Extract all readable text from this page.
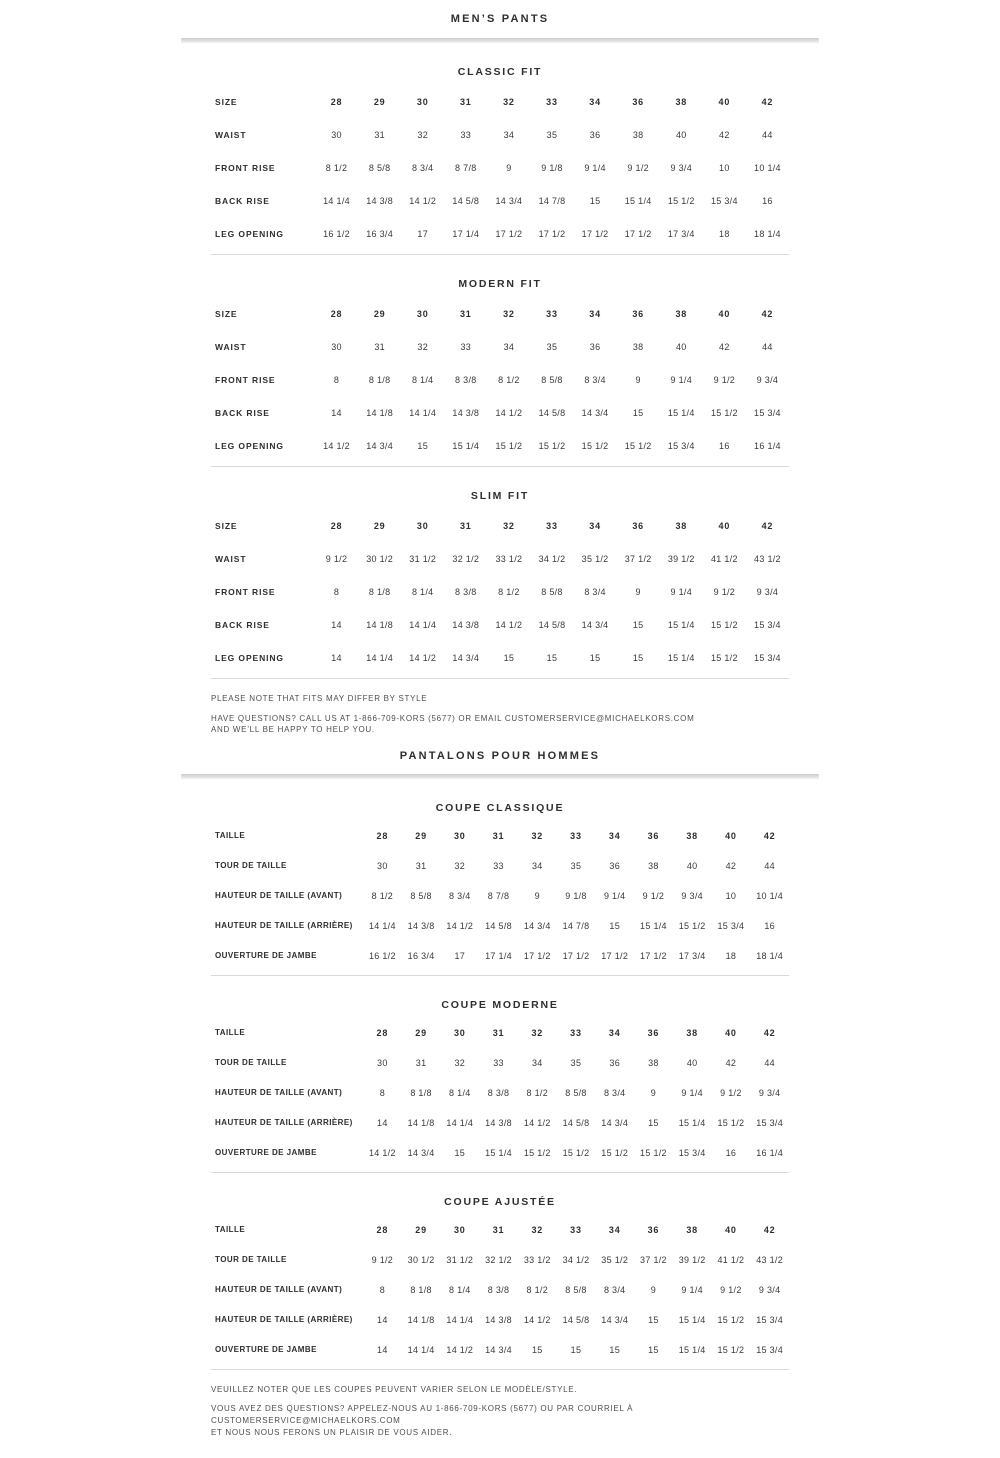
MEN’S PANTS
CLASSIC FIT
SIZE	28	29	30	31	32	33	34	36	38	40	42
WAIST	30	31	32	33	34	35	36	38	40	42	44
FRONT RISE	8 1/2	8 5/8	8 3/4	8 7/8	9	9 1/8	9 1/4	9 1/2	9 3/4	10	10 1/4
BACK RISE	14 1/4	14 3/8	14 1/2	14 5/8	14 3/4	14 7/8	15	15 1/4	15 1/2	15 3/4	16
LEG OPENING	16 1/2	16 3/4	17	17 1/4	17 1/2	17 1/2	17 1/2	17 1/2	17 3/4	18	18 1/4
MODERN FIT
SIZE	28	29	30	31	32	33	34	36	38	40	42
WAIST	30	31	32	33	34	35	36	38	40	42	44
FRONT RISE	8	8 1/8	8 1/4	8 3/8	8 1/2	8 5/8	8 3/4	9	9 1/4	9 1/2	9 3/4
BACK RISE	14	14 1/8	14 1/4	14 3/8	14 1/2	14 5/8	14 3/4	15	15 1/4	15 1/2	15 3/4
LEG OPENING	14 1/2	14 3/4	15	15 1/4	15 1/2	15 1/2	15 1/2	15 1/2	15 3/4	16	16 1/4
SLIM FIT
SIZE	28	29	30	31	32	33	34	36	38	40	42
WAIST	9 1/2	30 1/2	31 1/2	32 1/2	33 1/2	34 1/2	35 1/2	37 1/2	39 1/2	41 1/2	43 1/2
FRONT RISE	8	8 1/8	8 1/4	8 3/8	8 1/2	8 5/8	8 3/4	9	9 1/4	9 1/2	9 3/4
BACK RISE	14	14 1/8	14 1/4	14 3/8	14 1/2	14 5/8	14 3/4	15	15 1/4	15 1/2	15 3/4
LEG OPENING	14	14 1/4	14 1/2	14 3/4	15	15	15	15	15 1/4	15 1/2	15 3/4
PLEASE NOTE THAT FITS MAY DIFFER BY STYLE
HAVE QUESTIONS? CALL US AT 1-866-709-KORS (5677) OR EMAIL CUSTOMERSERVICE@MICHAELKORS.COM
AND WE’LL BE HAPPY TO HELP YOU.
PANTALONS POUR HOMMES
COUPE CLASSIQUE
TAILLE	28	29	30	31	32	33	34	36	38	40	42
TOUR DE TAILLE	30	31	32	33	34	35	36	38	40	42	44
HAUTEUR DE TAILLE (AVANT)	8 1/2	8 5/8	8 3/4	8 7/8	9	9 1/8	9 1/4	9 1/2	9 3/4	10	10 1/4
HAUTEUR DE TAILLE (ARRIÈRE)	14 1/4	14 3/8	14 1/2	14 5/8	14 3/4	14 7/8	15	15 1/4	15 1/2	15 3/4	16
OUVERTURE DE JAMBE	16 1/2	16 3/4	17	17 1/4	17 1/2	17 1/2	17 1/2	17 1/2	17 3/4	18	18 1/4
COUPE MODERNE
TAILLE	28	29	30	31	32	33	34	36	38	40	42
TOUR DE TAILLE	30	31	32	33	34	35	36	38	40	42	44
HAUTEUR DE TAILLE (AVANT)	8	8 1/8	8 1/4	8 3/8	8 1/2	8 5/8	8 3/4	9	9 1/4	9 1/2	9 3/4
HAUTEUR DE TAILLE (ARRIÈRE)	14	14 1/8	14 1/4	14 3/8	14 1/2	14 5/8	14 3/4	15	15 1/4	15 1/2	15 3/4
OUVERTURE DE JAMBE	14 1/2	14 3/4	15	15 1/4	15 1/2	15 1/2	15 1/2	15 1/2	15 3/4	16	16 1/4
COUPE AJUSTÉE
TAILLE	28	29	30	31	32	33	34	36	38	40	42
TOUR DE TAILLE	9 1/2	30 1/2	31 1/2	32 1/2	33 1/2	34 1/2	35 1/2	37 1/2	39 1/2	41 1/2	43 1/2
HAUTEUR DE TAILLE (AVANT)	8	8 1/8	8 1/4	8 3/8	8 1/2	8 5/8	8 3/4	9	9 1/4	9 1/2	9 3/4
HAUTEUR DE TAILLE (ARRIÈRE)	14	14 1/8	14 1/4	14 3/8	14 1/2	14 5/8	14 3/4	15	15 1/4	15 1/2	15 3/4
OUVERTURE DE JAMBE	14	14 1/4	14 1/2	14 3/4	15	15	15	15	15 1/4	15 1/2	15 3/4
VEUILLEZ NOTER QUE LES COUPES PEUVENT VARIER SELON LE MODÈLE/STYLE.
VOUS AVEZ DES QUESTIONS? APPELEZ-NOUS AU 1-866-709-KORS (5677) OU PAR COURRIEL À CUSTOMERSERVICE@MICHAELKORS.COM
ET NOUS NOUS FERONS UN PLAISIR DE VOUS AIDER.
